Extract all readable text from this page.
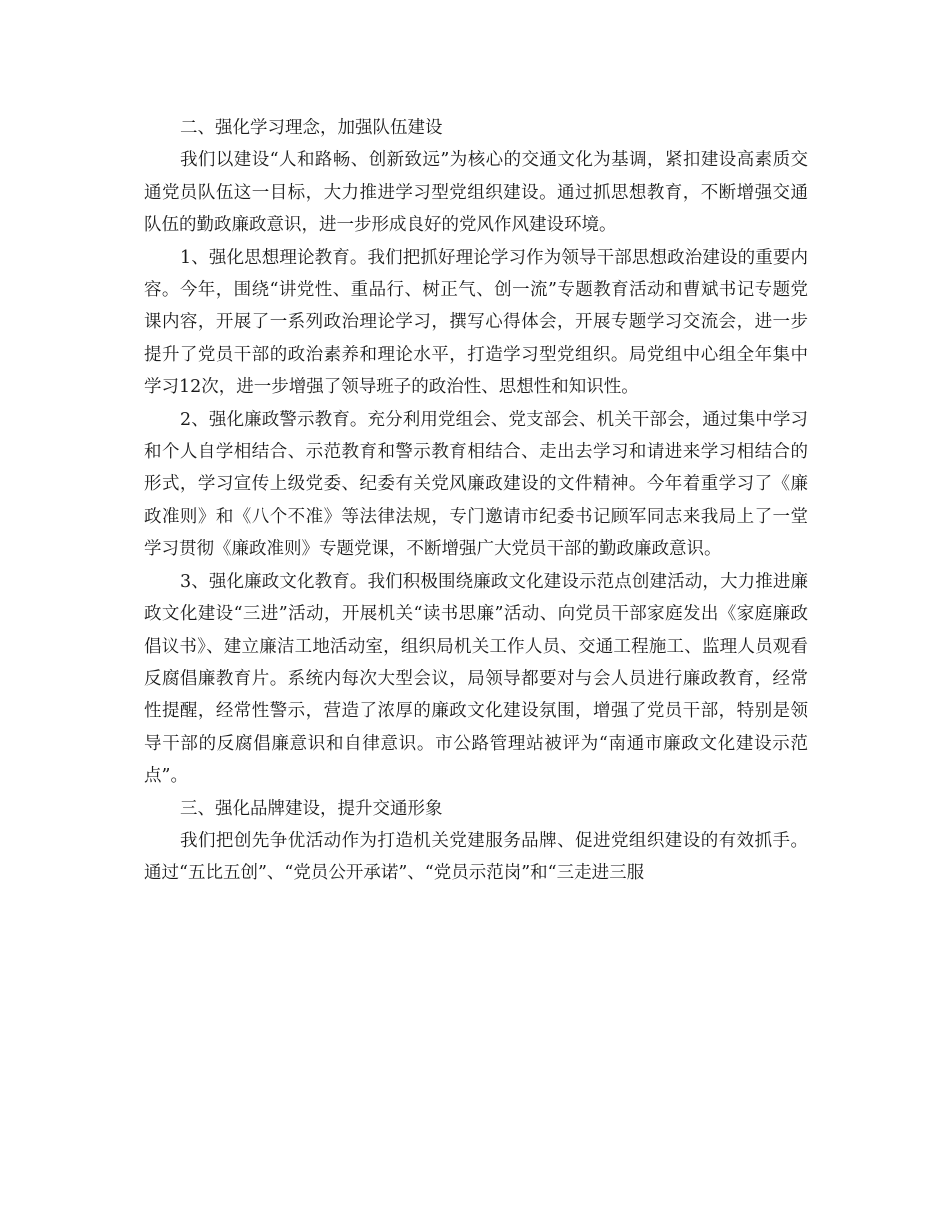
二、强化学习理念，加强队伍建设

我们以建设“人和路畅、创新致远”为核心的交通文化为基调，紧扣建设高素质交通党员队伍这一目标，大力推进学习型党组织建设。通过抓思想教育，不断增强交通队伍的勤政廉政意识，进一步形成良好的党风作风建设环境。

1、强化思想理论教育。我们把抓好理论学习作为领导干部思想政治建设的重要内容。今年，围绕“讲党性、重品行、树正气、创一流”专题教育活动和曹斌书记专题党课内容，开展了一系列政治理论学习，撰写心得体会，开展专题学习交流会，进一步提升了党员干部的政治素养和理论水平，打造学习型党组织。局党组中心组全年集中学习12次，进一步增强了领导班子的政治性、思想性和知识性。

2、强化廉政警示教育。充分利用党组会、党支部会、机关干部会，通过集中学习和个人自学相结合、示范教育和警示教育相结合、走出去学习和请进来学习相结合的形式，学习宣传上级党委、纪委有关党风廉政建设的文件精神。今年着重学习了《廉政准则》和《八个不准》等法律法规，专门邀请市纪委书记顾军同志来我局上了一堂学习贯彻《廉政准则》专题党课，不断增强广大党员干部的勤政廉政意识。

3、强化廉政文化教育。我们积极围绕廉政文化建设示范点创建活动，大力推进廉政文化建设“三进”活动，开展机关“读书思廉”活动、向党员干部家庭发出《家庭廉政倡议书》、建立廉洁工地活动室，组织局机关工作人员、交通工程施工、监理人员观看反腐倡廉教育片。系统内每次大型会议，局领导都要对与会人员进行廉政教育，经常性提醒，经常性警示，营造了浓厚的廉政文化建设氛围，增强了党员干部，特别是领导干部的反腐倡廉意识和自律意识。市公路管理站被评为“南通市廉政文化建设示范点”。

三、强化品牌建设，提升交通形象

我们把创先争优活动作为打造机关党建服务品牌、促进党组织建设的有效抓手。通过“五比五创”、“党员公开承诺”、“党员示范岗”和“三走进三服
